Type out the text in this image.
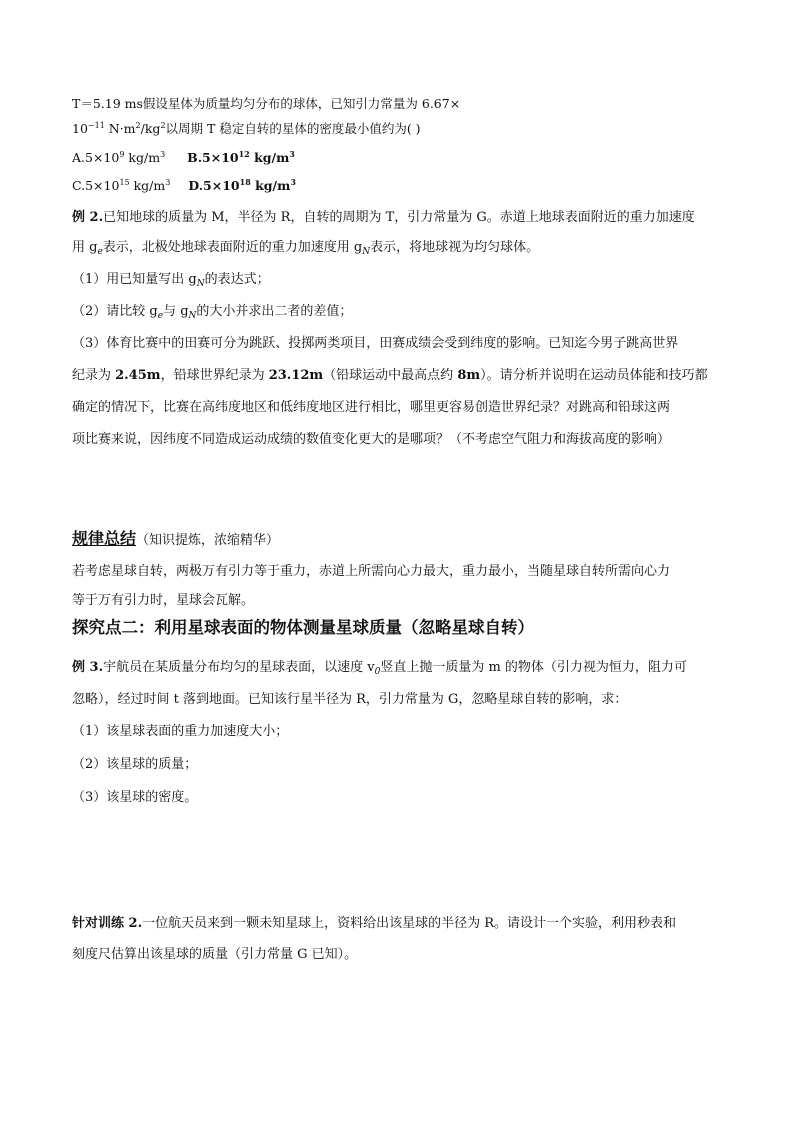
T＝5.19 ms假设星体为质量均匀分布的球体，已知引力常量为 6.67×
$10^{-11}$ $N\cdot m^2/kg^2$以周期 T 稳定自转的星体的密度最小值约为( )
$A.5\times 10^9$ $kg/m^3$ $B.5\times 10^{12}$ $kg/m^3$
$C.5\times 10^{15}$ $kg/m^3$ $D.5\times 10^{18}$ $kg/m^3$
例 2.已知地球的质量为 M，半径为 R，自转的周期为 T，引力常量为 G。赤道上地球表面附近的重力加速度
用 $g_e$表示，北极处地球表面附近的重力加速度用 $g_N$表示，将地球视为均匀球体。
（1）用已知量写出 $g_N$的表达式；
（2）请比较 $g_e$与 $g_N$的大小并求出二者的差值；
（3）体育比赛中的田赛可分为跳跃、投掷两类项目，田赛成绩会受到纬度的影响。已知迄今男子跳高世界
纪录为 2.45m，铅球世界纪录为 23.12m（铅球运动中最高点约 8m）。请分析并说明在运动员体能和技巧都
确定的情况下，比赛在高纬度地区和低纬度地区进行相比，哪里更容易创造世界纪录？对跳高和铅球这两
项比赛来说，因纬度不同造成运动成绩的数值变化更大的是哪项？（不考虑空气阻力和海拔高度的影响）
规律总结（知识提炼，浓缩精华）
若考虑星球自转，两极万有引力等于重力，赤道上所需向心力最大，重力最小，当随星球自转所需向心力
等于万有引力时，星球会瓦解。
探究点二：利用星球表面的物体测量星球质量（忽略星球自转）
例 3.宇航员在某质量分布均匀的星球表面，以速度 $v_0$竖直上抛一质量为 m 的物体（引力视为恒力，阻力可
忽略），经过时间 t 落到地面。已知该行星半径为 R，引力常量为 G，忽略星球自转的影响，求：
（1）该星球表面的重力加速度大小；
（2）该星球的质量；
（3）该星球的密度。
针对训练 2.一位航天员来到一颗未知星球上，资料给出该星球的半径为 R。请设计一个实验，利用秒表和
刻度尺估算出该星球的质量（引力常量 G 已知）。
